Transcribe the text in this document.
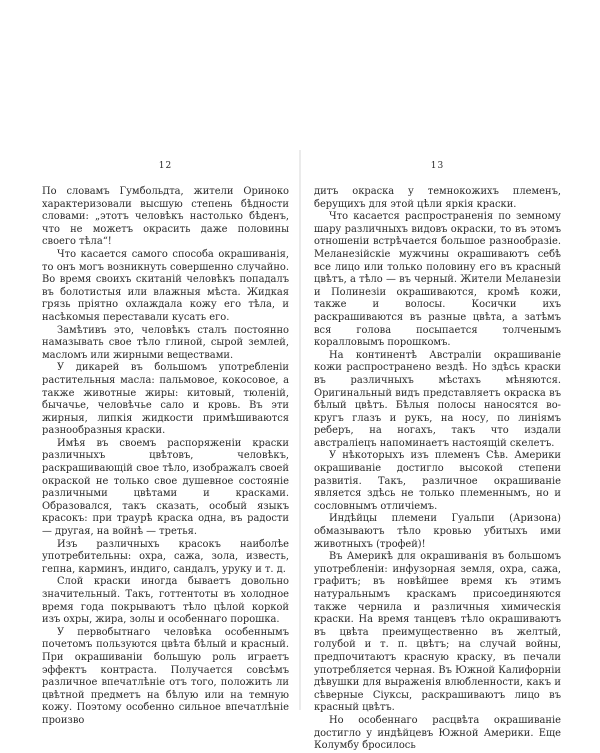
12

По словамъ Гумбольдта, жители Ориноко характеризовали высшую степень бѣдности словами: „этотъ человѣкъ настолько бѣденъ, что не можетъ окрасить даже половины своего тѣла“!

Что касается самого способа окрашиванія, то онъ могъ возникнуть совершенно случайно. Во время своихъ скитаній человѣкъ попадалъ въ болотистыя или влажныя мѣста. Жидкая грязь пріятно охлаждала кожу его тѣла, и насѣкомыя переставали кусать его.

Замѣтивъ это, человѣкъ сталъ постоянно намазывать свое тѣло глиной, сырой землей, масломъ или жирными веществами.

У дикарей въ большомъ употребленіи растительныя масла: пальмовое, кокосовое, а также животные жиры: китовый, тюленій, бычачье, человѣчье сало и кровь. Въ эти жирныя, липкія жидкости примѣшиваются разнообразныя краски.

Имѣя въ своемъ распоряженіи краски различныхъ цвѣтовъ, человѣкъ, раскрашивающій свое тѣло, изображалъ своей окраской не только свое душевное состояніе различными цвѣтами и красками. Образовался, такъ сказать, особый языкъ красокъ: при траурѣ краска одна, въ радости — другая, на войнѣ — третья.

Изъ различныхъ красокъ наиболѣе употребительны: охра, сажа, зола, известь, гепна, карминъ, индиго, сандалъ, уруку и т. д.

Слой краски иногда бываетъ довольно значительный. Такъ, готтентоты въ холодное время года покрываютъ тѣло цѣлой коркой изъ охры, жира, золы и особеннаго порошка.

У первобытнаго человѣка особеннымъ почетомъ пользуются цвѣта бѣлый и красный. При окрашиваніи большую роль играетъ эффектъ контраста. Получается совсѣмъ различное впечатлѣніе отъ того, положить ли цвѣтной предметъ на бѣлую или на темную кожу. Поэтому особенно сильное впечатлѣніе произво

13

дитъ окраска у темнокожихъ племенъ, берущихъ для этой цѣли яркія краски.

Что касается распространенія по земному шару различныхъ видовъ окраски, то въ этомъ отношеніи встрѣчается большое разнообразіе. Меланезійскіе мужчины окрашиваютъ себѣ все лицо или только половину его въ красный цвѣтъ, а тѣло — въ черный. Жители Меланезіи и Полинезіи окрашиваются, кромѣ кожи, также и волосы. Косички ихъ раскрашиваются въ разные цвѣта, а затѣмъ вся голова посыпается толченымъ коралловымъ порошкомъ.

На континентѣ Австраліи окрашиваніе кожи распространено вездѣ. Но здѣсь краски въ различныхъ мѣстахъ мѣняются. Оригинальный видъ представляетъ окраска въ бѣлый цвѣтъ. Бѣлыя полосы наносятся вокругъ глазъ и рукъ, на носу, по линіямъ реберъ, на ногахъ, такъ что издали австраліецъ напоминаетъ настоящій скелетъ.

У нѣкоторыхъ изъ племенъ Сѣв. Америки окрашиваніе достигло высокой степени развитія. Такъ, различное окрашиваніе является здѣсь не только племеннымъ, но и сословнымъ отличіемъ.

Индѣйцы племени Гуальпи (Аризона) обмазываютъ тѣло кровью убитыхъ ими животныхъ (трофей)!

Въ Америкѣ для окрашиванія въ большомъ употребленіи: инфузорная земля, охра, сажа, графитъ; въ новѣйшее время къ этимъ натуральнымъ краскамъ присоединяются также чернила и различныя химическія краски. На время танцевъ тѣло окрашиваютъ въ цвѣта преимущественно въ желтый, голубой и т. п. цвѣтъ; на случай войны, предпочитаютъ красную краску, въ печали употребляется черная. Въ Южной Калифорніи дѣвушки для выраженія влюбленности, какъ и сѣверные Сіуксы, раскрашиваютъ лицо въ красный цвѣтъ.

Но особеннаго расцвѣта окрашиваніе достигло у индѣйцевъ Южной Америки. Еще Колумбу бросилось
